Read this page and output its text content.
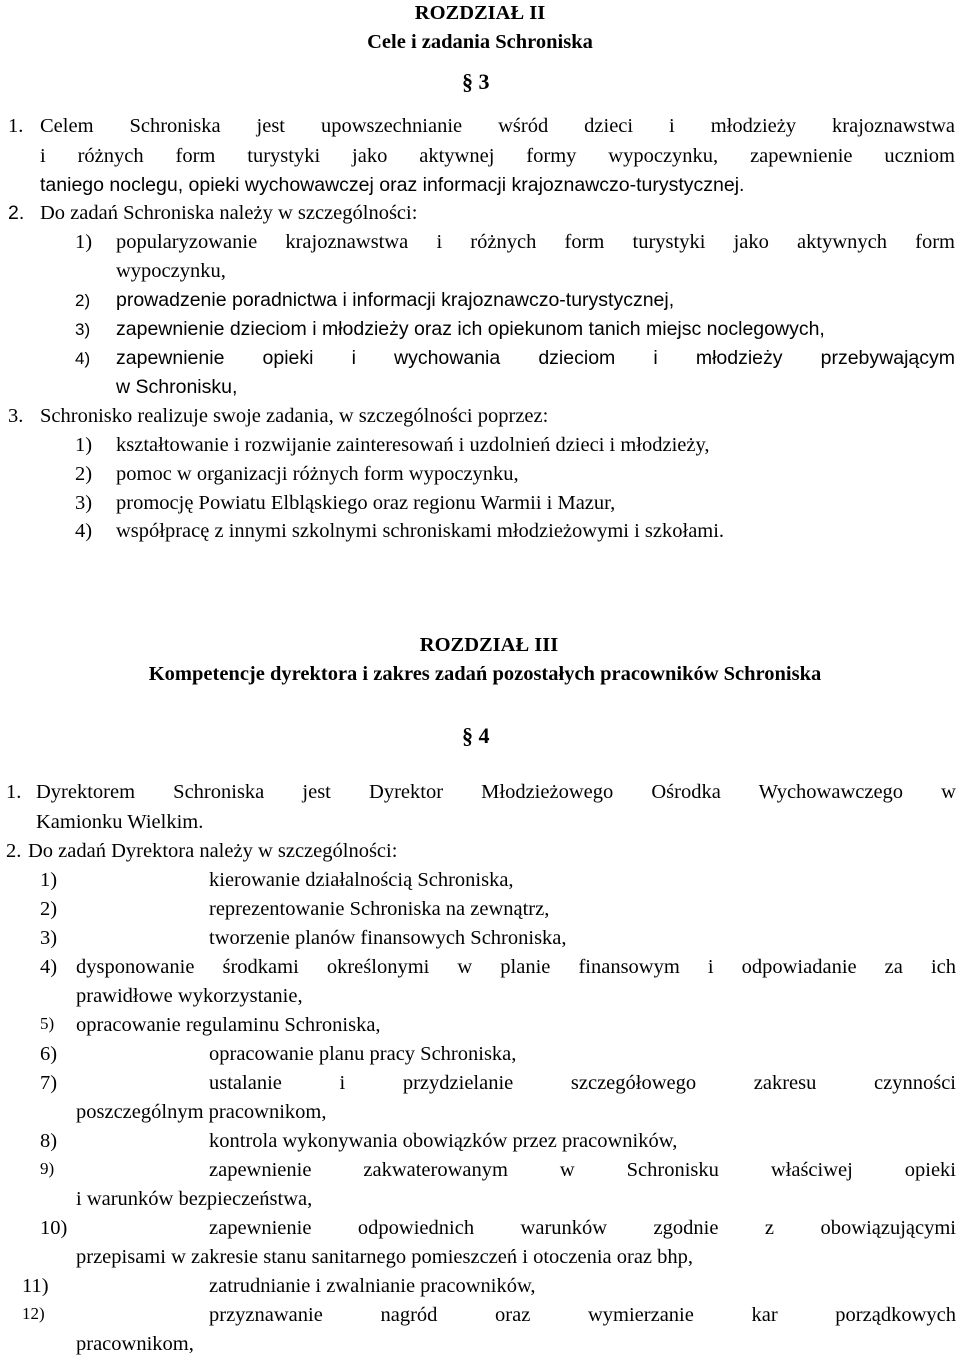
ROZDZIAŁ II
Cele i zadania Schroniska
§ 3
1. Celem Schroniska jest upowszechnianie wśród dzieci i młodzieży krajoznawstwa
i różnych form turystyki jako aktywnej formy wypoczynku, zapewnienie uczniom
taniego noclegu, opieki wychowawczej oraz informacji krajoznawczo-turystycznej.
2. Do zadań Schroniska należy w szczególności:
1) popularyzowanie krajoznawstwa i różnych form turystyki jako aktywnych form
wypoczynku,
2) prowadzenie poradnictwa i informacji krajoznawczo-turystycznej,
3) zapewnienie dzieciom i młodzieży oraz ich opiekunom tanich miejsc noclegowych,
4) zapewnienie opieki i wychowania dzieciom i młodzieży przebywającym
w Schronisku,
3. Schronisko realizuje swoje zadania, w szczególności poprzez:
1) kształtowanie i rozwijanie zainteresowań i uzdolnień dzieci i młodzieży,
2) pomoc w organizacji różnych form wypoczynku,
3) promocję Powiatu Elbląskiego oraz regionu Warmii i Mazur,
4) współpracę z innymi szkolnymi schroniskami młodzieżowymi i szkołami.
ROZDZIAŁ III
Kompetencje dyrektora i zakres zadań pozostałych pracowników Schroniska
§ 4
1. Dyrektorem Schroniska jest Dyrektor Młodzieżowego Ośrodka Wychowawczego w
Kamionku Wielkim.
2. Do zadań Dyrektora należy w szczególności:
1)	kierowanie działalnością Schroniska,
2)	reprezentowanie Schroniska na zewnątrz,
3)	tworzenie planów finansowych Schroniska,
4) dysponowanie środkami określonymi w planie finansowym i odpowiadanie za ich
prawidłowe wykorzystanie,
5) opracowanie regulaminu Schroniska,
6)	opracowanie planu pracy Schroniska,
7)	ustalanie i przydzielanie szczegółowego zakresu czynności
poszczególnym pracownikom,
8)	kontrola wykonywania obowiązków przez pracowników,
9)	zapewnienie zakwaterowanym w Schronisku właściwej opieki
i warunków bezpieczeństwa,
10)	zapewnienie odpowiednich warunków zgodnie z obowiązującymi
przepisami w zakresie stanu sanitarnego pomieszczeń i otoczenia oraz bhp,
11)	zatrudnianie i zwalnianie pracowników,
12)	przyznawanie nagród oraz wymierzanie kar porządkowych
pracownikom,
